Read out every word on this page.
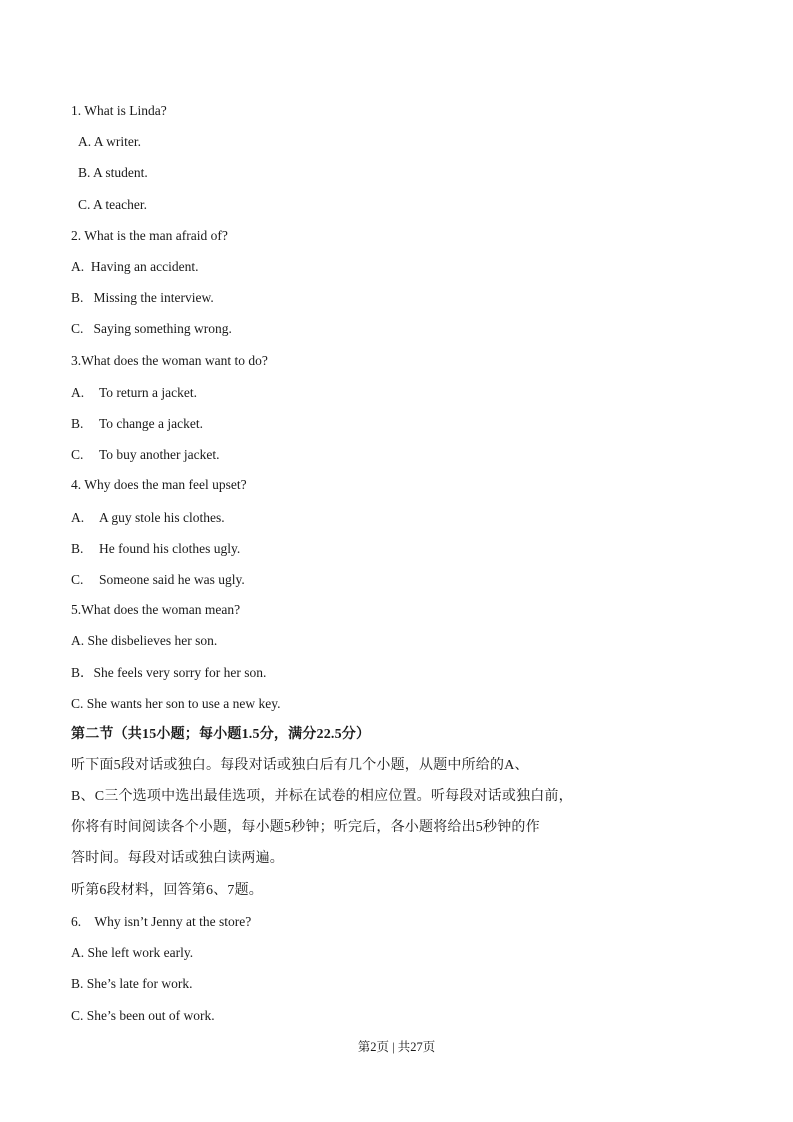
1. What is Linda?
A. A writer.
B. A student.
C. A teacher.
2. What is the man afraid of?
A.  Having an accident.
B.   Missing the interview.
C.   Saying something wrong.
3.What does the woman want to do?
A. To return a jacket.
B. To change a jacket.
C. To buy another jacket.
4. Why does the man feel upset?
A. A guy stole his clothes.
B. He found his clothes ugly.
C. Someone said he was ugly.
5.What does the woman mean?
A. She disbelieves her son.
B．She feels very sorry for her son.
C. She wants her son to use a new key.
第二节（共15小题；每小题1.5分，满分22.5分）
听下面5段对话或独白。每段对话或独白后有几个小题，从题中所给的A、
B、C三个选项中选出最佳选项，并标在试卷的相应位置。听每段对话或独白前，
你将有时间阅读各个小题，每小题5秒钟；听完后，各小题将给出5秒钟的作
答时间。每段对话或独白读两遍。
听第6段材料，回答第6、7题。
6.    Why isn’t Jenny at the store?
A. She left work early.
B. She’s late for work.
C. She’s been out of work.
第2页 | 共27页
